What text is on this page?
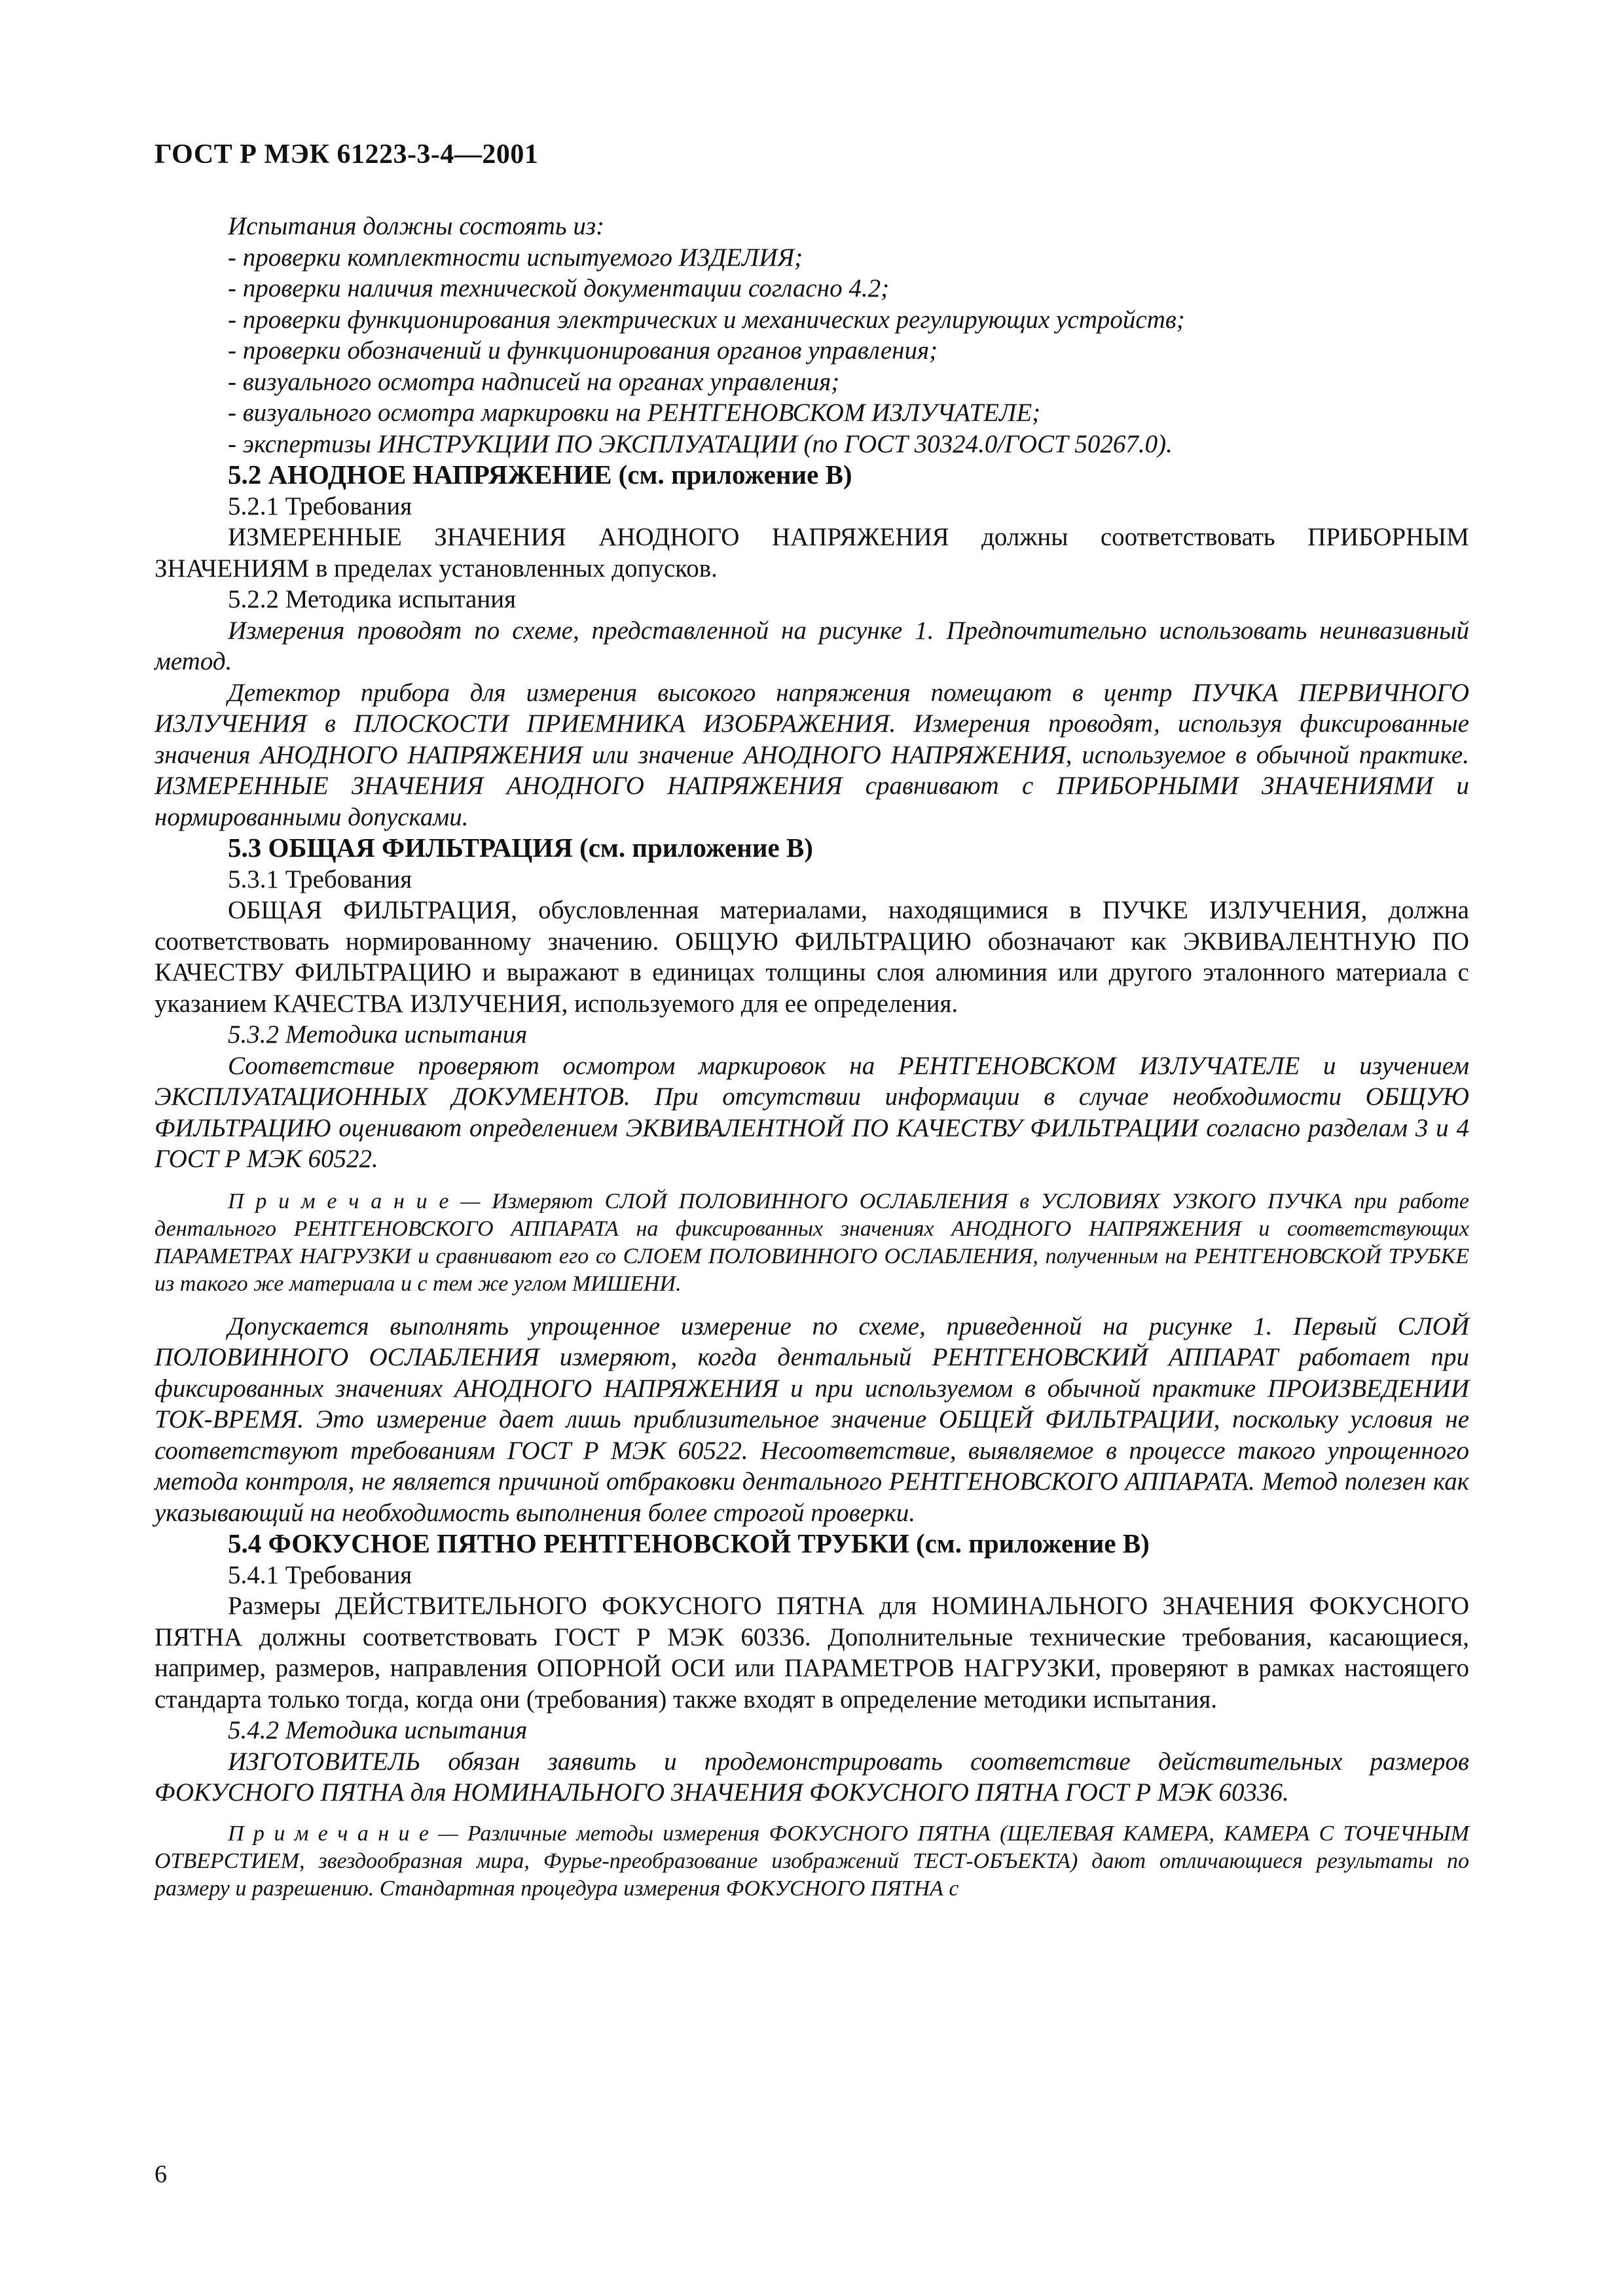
ГОСТ Р МЭК 61223-3-4—2001

Испытания должны состоять из:

- проверки комплектности испытуемого ИЗДЕЛИЯ;

- проверки наличия технической документации согласно 4.2;

- проверки функционирования электрических и механических регулирующих устройств;

- проверки обозначений и функционирования органов управления;

- визуального осмотра надписей на органах управления;

- визуального осмотра маркировки на РЕНТГЕНОВСКОМ ИЗЛУЧАТЕЛЕ;

- экспертизы ИНСТРУКЦИИ ПО ЭКСПЛУАТАЦИИ (по ГОСТ 30324.0/ГОСТ 50267.0).

5.2 АНОДНОЕ НАПРЯЖЕНИЕ (см. приложение В)

5.2.1 Требования

ИЗМЕРЕННЫЕ ЗНАЧЕНИЯ АНОДНОГО НАПРЯЖЕНИЯ должны соответствовать ПРИБОРНЫМ ЗНАЧЕНИЯМ в пределах установленных допусков.

5.2.2 Методика испытания

Измерения проводят по схеме, представленной на рисунке 1. Предпочтительно использовать неинвазивный метод.

Детектор прибора для измерения высокого напряжения помещают в центр ПУЧКА ПЕРВИЧНОГО ИЗЛУЧЕНИЯ в ПЛОСКОСТИ ПРИЕМНИКА ИЗОБРАЖЕНИЯ. Измерения проводят, используя фиксированные значения АНОДНОГО НАПРЯЖЕНИЯ или значение АНОДНОГО НАПРЯЖЕНИЯ, используемое в обычной практике. ИЗМЕРЕННЫЕ ЗНАЧЕНИЯ АНОДНОГО НАПРЯЖЕНИЯ сравнивают с ПРИБОРНЫМИ ЗНАЧЕНИЯМИ и нормированными допусками.

5.3 ОБЩАЯ ФИЛЬТРАЦИЯ (см. приложение В)

5.3.1 Требования

ОБЩАЯ ФИЛЬТРАЦИЯ, обусловленная материалами, находящимися в ПУЧКЕ ИЗЛУЧЕНИЯ, должна соответствовать нормированному значению. ОБЩУЮ ФИЛЬТРАЦИЮ обозначают как ЭКВИВАЛЕНТНУЮ ПО КАЧЕСТВУ ФИЛЬТРАЦИЮ и выражают в единицах толщины слоя алюминия или другого эталонного материала с указанием КАЧЕСТВА ИЗЛУЧЕНИЯ, используемого для ее определения.

5.3.2 Методика испытания

Соответствие проверяют осмотром маркировок на РЕНТГЕНОВСКОМ ИЗЛУЧАТЕЛЕ и изучением ЭКСПЛУАТАЦИОННЫХ ДОКУМЕНТОВ. При отсутствии информации в случае необходимости ОБЩУЮ ФИЛЬТРАЦИЮ оценивают определением ЭКВИВАЛЕНТНОЙ ПО КАЧЕСТВУ ФИЛЬТРАЦИИ согласно разделам 3 и 4 ГОСТ Р МЭК 60522.

П р и м е ч а н и е — Измеряют СЛОЙ ПОЛОВИННОГО ОСЛАБЛЕНИЯ в УСЛОВИЯХ УЗКОГО ПУЧКА при работе дентального РЕНТГЕНОВСКОГО АППАРАТА на фиксированных значениях АНОДНОГО НАПРЯЖЕНИЯ и соответствующих ПАРАМЕТРАХ НАГРУЗКИ и сравнивают его со СЛОЕМ ПОЛОВИННОГО ОСЛАБЛЕНИЯ, полученным на РЕНТГЕНОВСКОЙ ТРУБКЕ из такого же материала и с тем же углом МИШЕНИ.

Допускается выполнять упрощенное измерение по схеме, приведенной на рисунке 1. Первый СЛОЙ ПОЛОВИННОГО ОСЛАБЛЕНИЯ измеряют, когда дентальный РЕНТГЕНОВСКИЙ АППАРАТ работает при фиксированных значениях АНОДНОГО НАПРЯЖЕНИЯ и при используемом в обычной практике ПРОИЗВЕДЕНИИ ТОК-ВРЕМЯ. Это измерение дает лишь приблизительное значение ОБЩЕЙ ФИЛЬТРАЦИИ, поскольку условия не соответствуют требованиям ГОСТ Р МЭК 60522. Несоответствие, выявляемое в процессе такого упрощенного метода контроля, не является причиной отбраковки дентального РЕНТГЕНОВСКОГО АППАРАТА. Метод полезен как указывающий на необходимость выполнения более строгой проверки.

5.4 ФОКУСНОЕ ПЯТНО РЕНТГЕНОВСКОЙ ТРУБКИ (см. приложение В)

5.4.1 Требования

Размеры ДЕЙСТВИТЕЛЬНОГО ФОКУСНОГО ПЯТНА для НОМИНАЛЬНОГО ЗНАЧЕНИЯ ФОКУСНОГО ПЯТНА должны соответствовать ГОСТ Р МЭК 60336. Дополнительные технические требования, касающиеся, например, размеров, направления ОПОРНОЙ ОСИ или ПАРАМЕТРОВ НАГРУЗКИ, проверяют в рамках настоящего стандарта только тогда, когда они (требования) также входят в определение методики испытания.

5.4.2 Методика испытания

ИЗГОТОВИТЕЛЬ обязан заявить и продемонстрировать соответствие действительных размеров ФОКУСНОГО ПЯТНА для НОМИНАЛЬНОГО ЗНАЧЕНИЯ ФОКУСНОГО ПЯТНА ГОСТ Р МЭК 60336.

П р и м е ч а н и е — Различные методы измерения ФОКУСНОГО ПЯТНА (ЩЕЛЕВАЯ КАМЕРА, КАМЕРА С ТОЧЕЧНЫМ ОТВЕРСТИЕМ, звездообразная мира, Фурье-преобразование изображений ТЕСТ-ОБЪЕКТА) дают отличающиеся результаты по размеру и разрешению. Стандартная процедура измерения ФОКУСНОГО ПЯТНА с

6
